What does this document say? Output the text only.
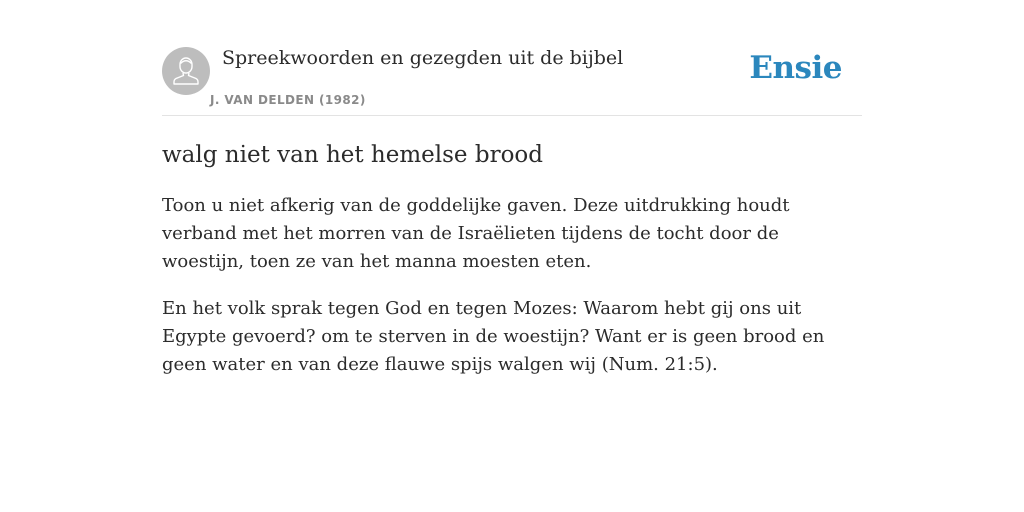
Spreekwoorden en gezegden uit de bijbel
J. VAN DELDEN (1982)
Ensie
walg niet van het hemelse brood

Toon u niet afkerig van de goddelijke gaven. Deze uitdrukking houdt verband met het morren van de Israëlieten tijdens de tocht door de woestijn, toen ze van het manna moesten eten.

En het volk sprak tegen God en tegen Mozes: Waarom hebt gij ons uit Egypte gevoerd? om te sterven in de woestijn? Want er is geen brood en geen water en van deze flauwe spijs walgen wij (Num. 21:5).
